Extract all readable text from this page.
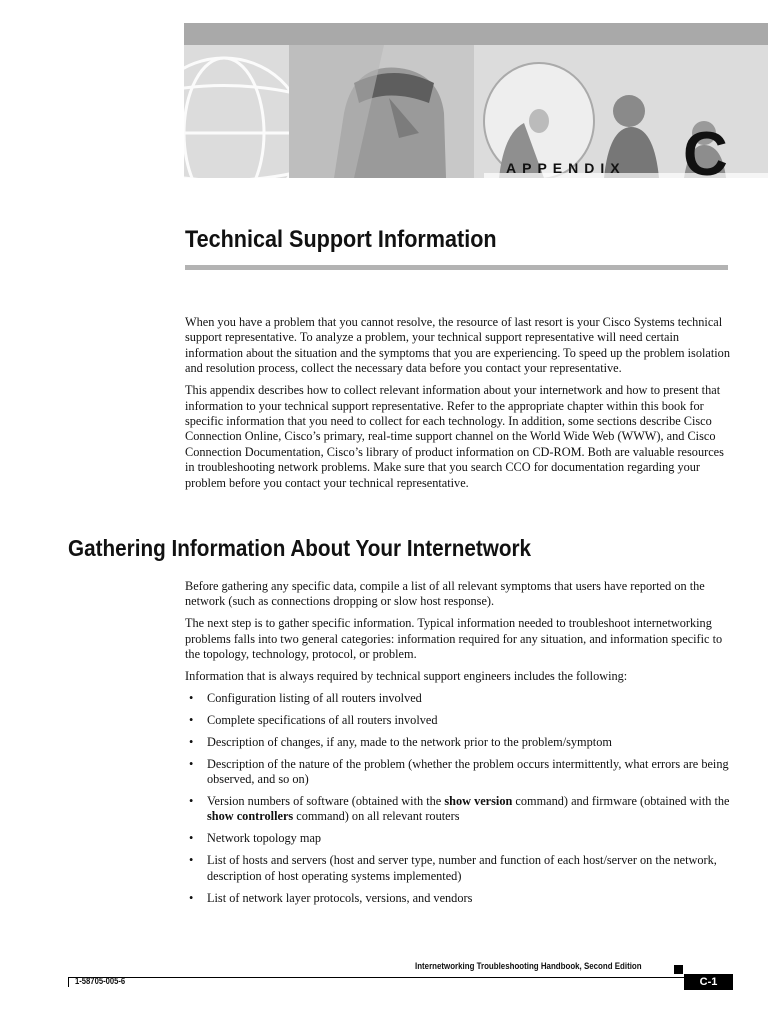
APPENDIX C
Technical Support Information

When you have a problem that you cannot resolve, the resource of last resort is your Cisco Systems technical support representative. To analyze a problem, your technical support representative will need certain information about the situation and the symptoms that you are experiencing. To speed up the problem isolation and resolution process, collect the necessary data before you contact your representative.

This appendix describes how to collect relevant information about your internetwork and how to present that information to your technical support representative. Refer to the appropriate chapter within this book for specific information that you need to collect for each technology. In addition, some sections describe Cisco Connection Online, Cisco’s primary, real-time support channel on the World Wide Web (WWW), and Cisco Connection Documentation, Cisco’s library of product information on CD-ROM. Both are valuable resources in troubleshooting network problems. Make sure that you search CCO for documentation regarding your problem before you contact your technical representative.

Gathering Information About Your Internetwork

Before gathering any specific data, compile a list of all relevant symptoms that users have reported on the network (such as connections dropping or slow host response).

The next step is to gather specific information. Typical information needed to troubleshoot internetworking problems falls into two general categories: information required for any situation, and information specific to the topology, technology, protocol, or problem.

Information that is always required by technical support engineers includes the following:

• Configuration listing of all routers involved
• Complete specifications of all routers involved
• Description of changes, if any, made to the network prior to the problem/symptom
• Description of the nature of the problem (whether the problem occurs intermittently, what errors are being observed, and so on)
• Version numbers of software (obtained with the show version command) and firmware (obtained with the show controllers command) on all relevant routers
• Network topology map
• List of hosts and servers (host and server type, number and function of each host/server on the network, description of host operating systems implemented)
• List of network layer protocols, versions, and vendors
Internetworking Troubleshooting Handbook, Second Edition
1-58705-005-6	C-1
